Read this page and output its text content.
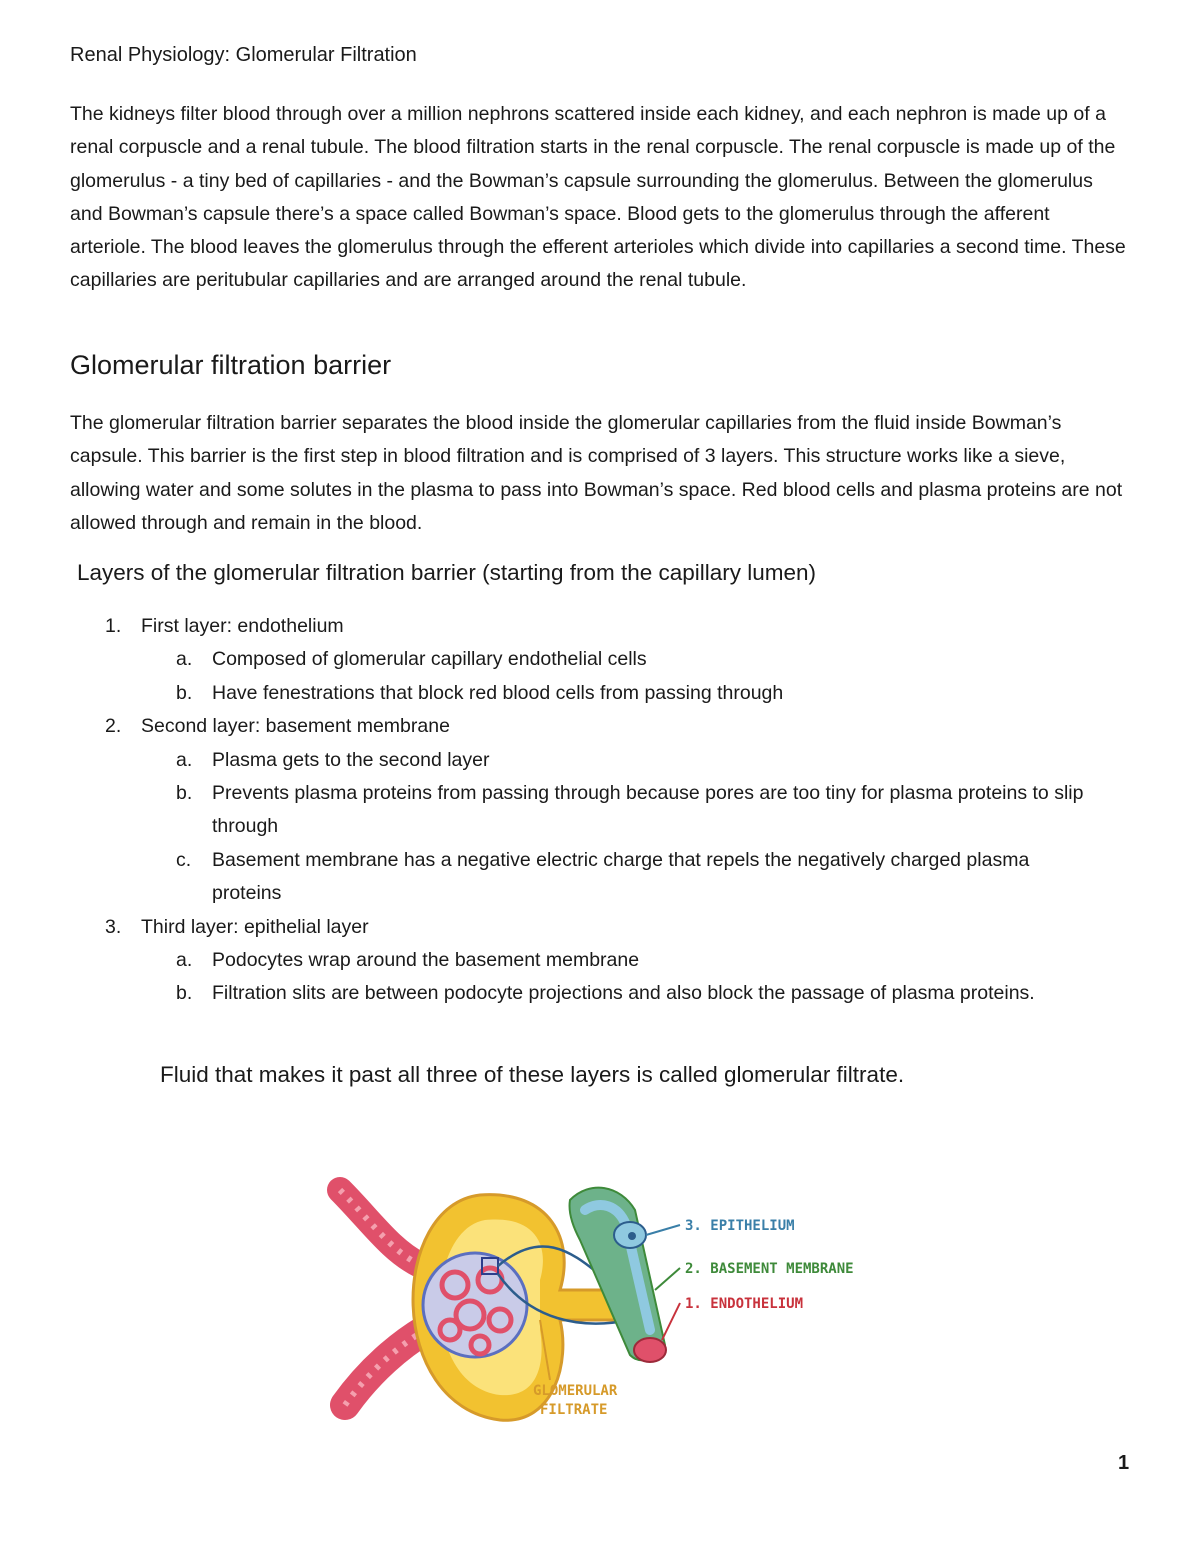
Renal Physiology: Glomerular Filtration

The kidneys filter blood through over a million nephrons scattered inside each kidney, and each nephron is made up of a renal corpuscle and a renal tubule. The blood filtration starts in the renal corpuscle. The renal corpuscle is made up of the glomerulus - a tiny bed of capillaries - and the Bowman’s capsule surrounding the glomerulus. Between the glomerulus and Bowman’s capsule there’s a space called Bowman’s space. Blood gets to the glomerulus through the afferent arteriole. The blood leaves the glomerulus through the efferent arterioles which divide into capillaries a second time. These capillaries are peritubular capillaries and are arranged around the renal tubule.

Glomerular filtration barrier

The glomerular filtration barrier separates the blood inside the glomerular capillaries from the fluid inside Bowman’s capsule. This barrier is the first step in blood filtration and is comprised of 3 layers. This structure works like a sieve, allowing water and some solutes in the plasma to pass into Bowman’s space. Red blood cells and plasma proteins are not allowed through and remain in the blood.

Layers of the glomerular filtration barrier (starting from the capillary lumen)
1. First layer: endothelium
a. Composed of glomerular capillary endothelial cells
b. Have fenestrations that block red blood cells from passing through
2. Second layer: basement membrane
a. Plasma gets to the second layer
b. Prevents plasma proteins from passing through because pores are too tiny for plasma proteins to slip through
c. Basement membrane has a negative electric charge that repels the negatively charged plasma proteins
3. Third layer: epithelial layer
a. Podocytes wrap around the basement membrane
b. Filtration slits are between podocyte projections and also block the passage of plasma proteins.

Fluid that makes it past all three of these layers is called glomerular filtrate.

3. EPITHELIUM
2. BASEMENT MEMBRANE
1. ENDOTHELIUM
GLOMERULAR
FILTRATE
1
